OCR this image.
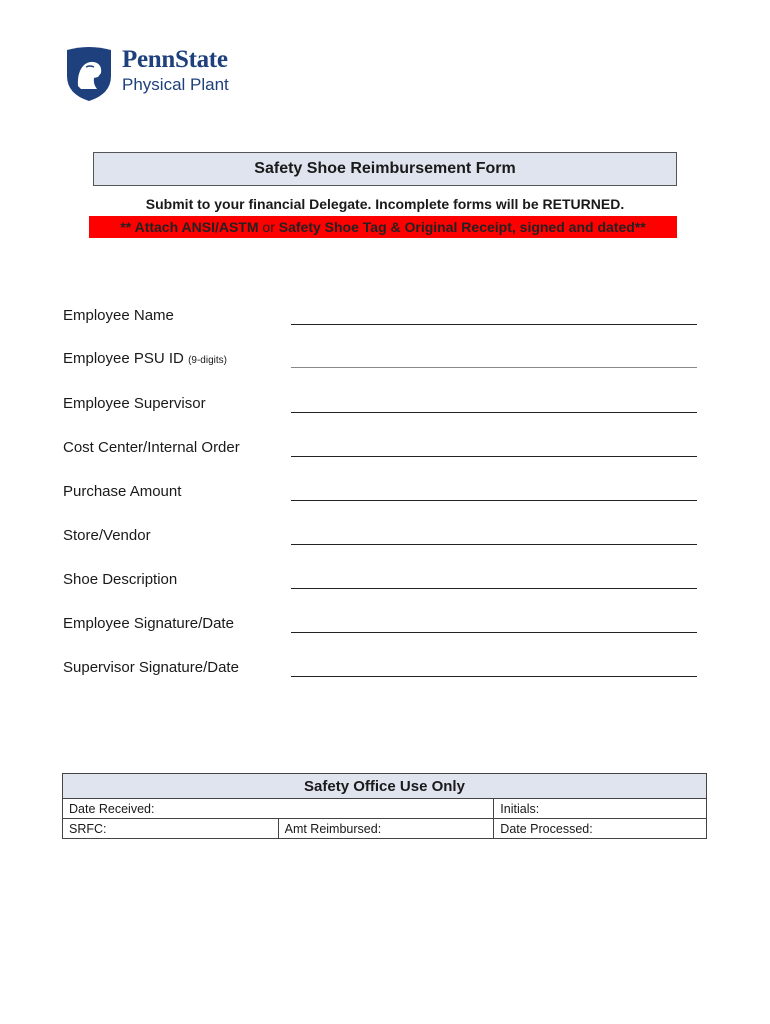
PennState
Physical Plant
Safety Shoe Reimbursement Form
Submit to your financial Delegate. Incomplete forms will be RETURNED.
** Attach ANSI/ASTM
or
Safety Shoe Tag & Original Receipt, signed and dated**
Employee Name
Employee PSU ID (9-digits)
Employee Supervisor
Cost Center/Internal Order
Purchase Amount
Store/Vendor
Shoe Description
Employee Signature/Date
Supervisor Signature/Date
Safety Office Use Only		
Date Received:		Initials:
SRFC:	Amt Reimbursed:	Date Processed:
